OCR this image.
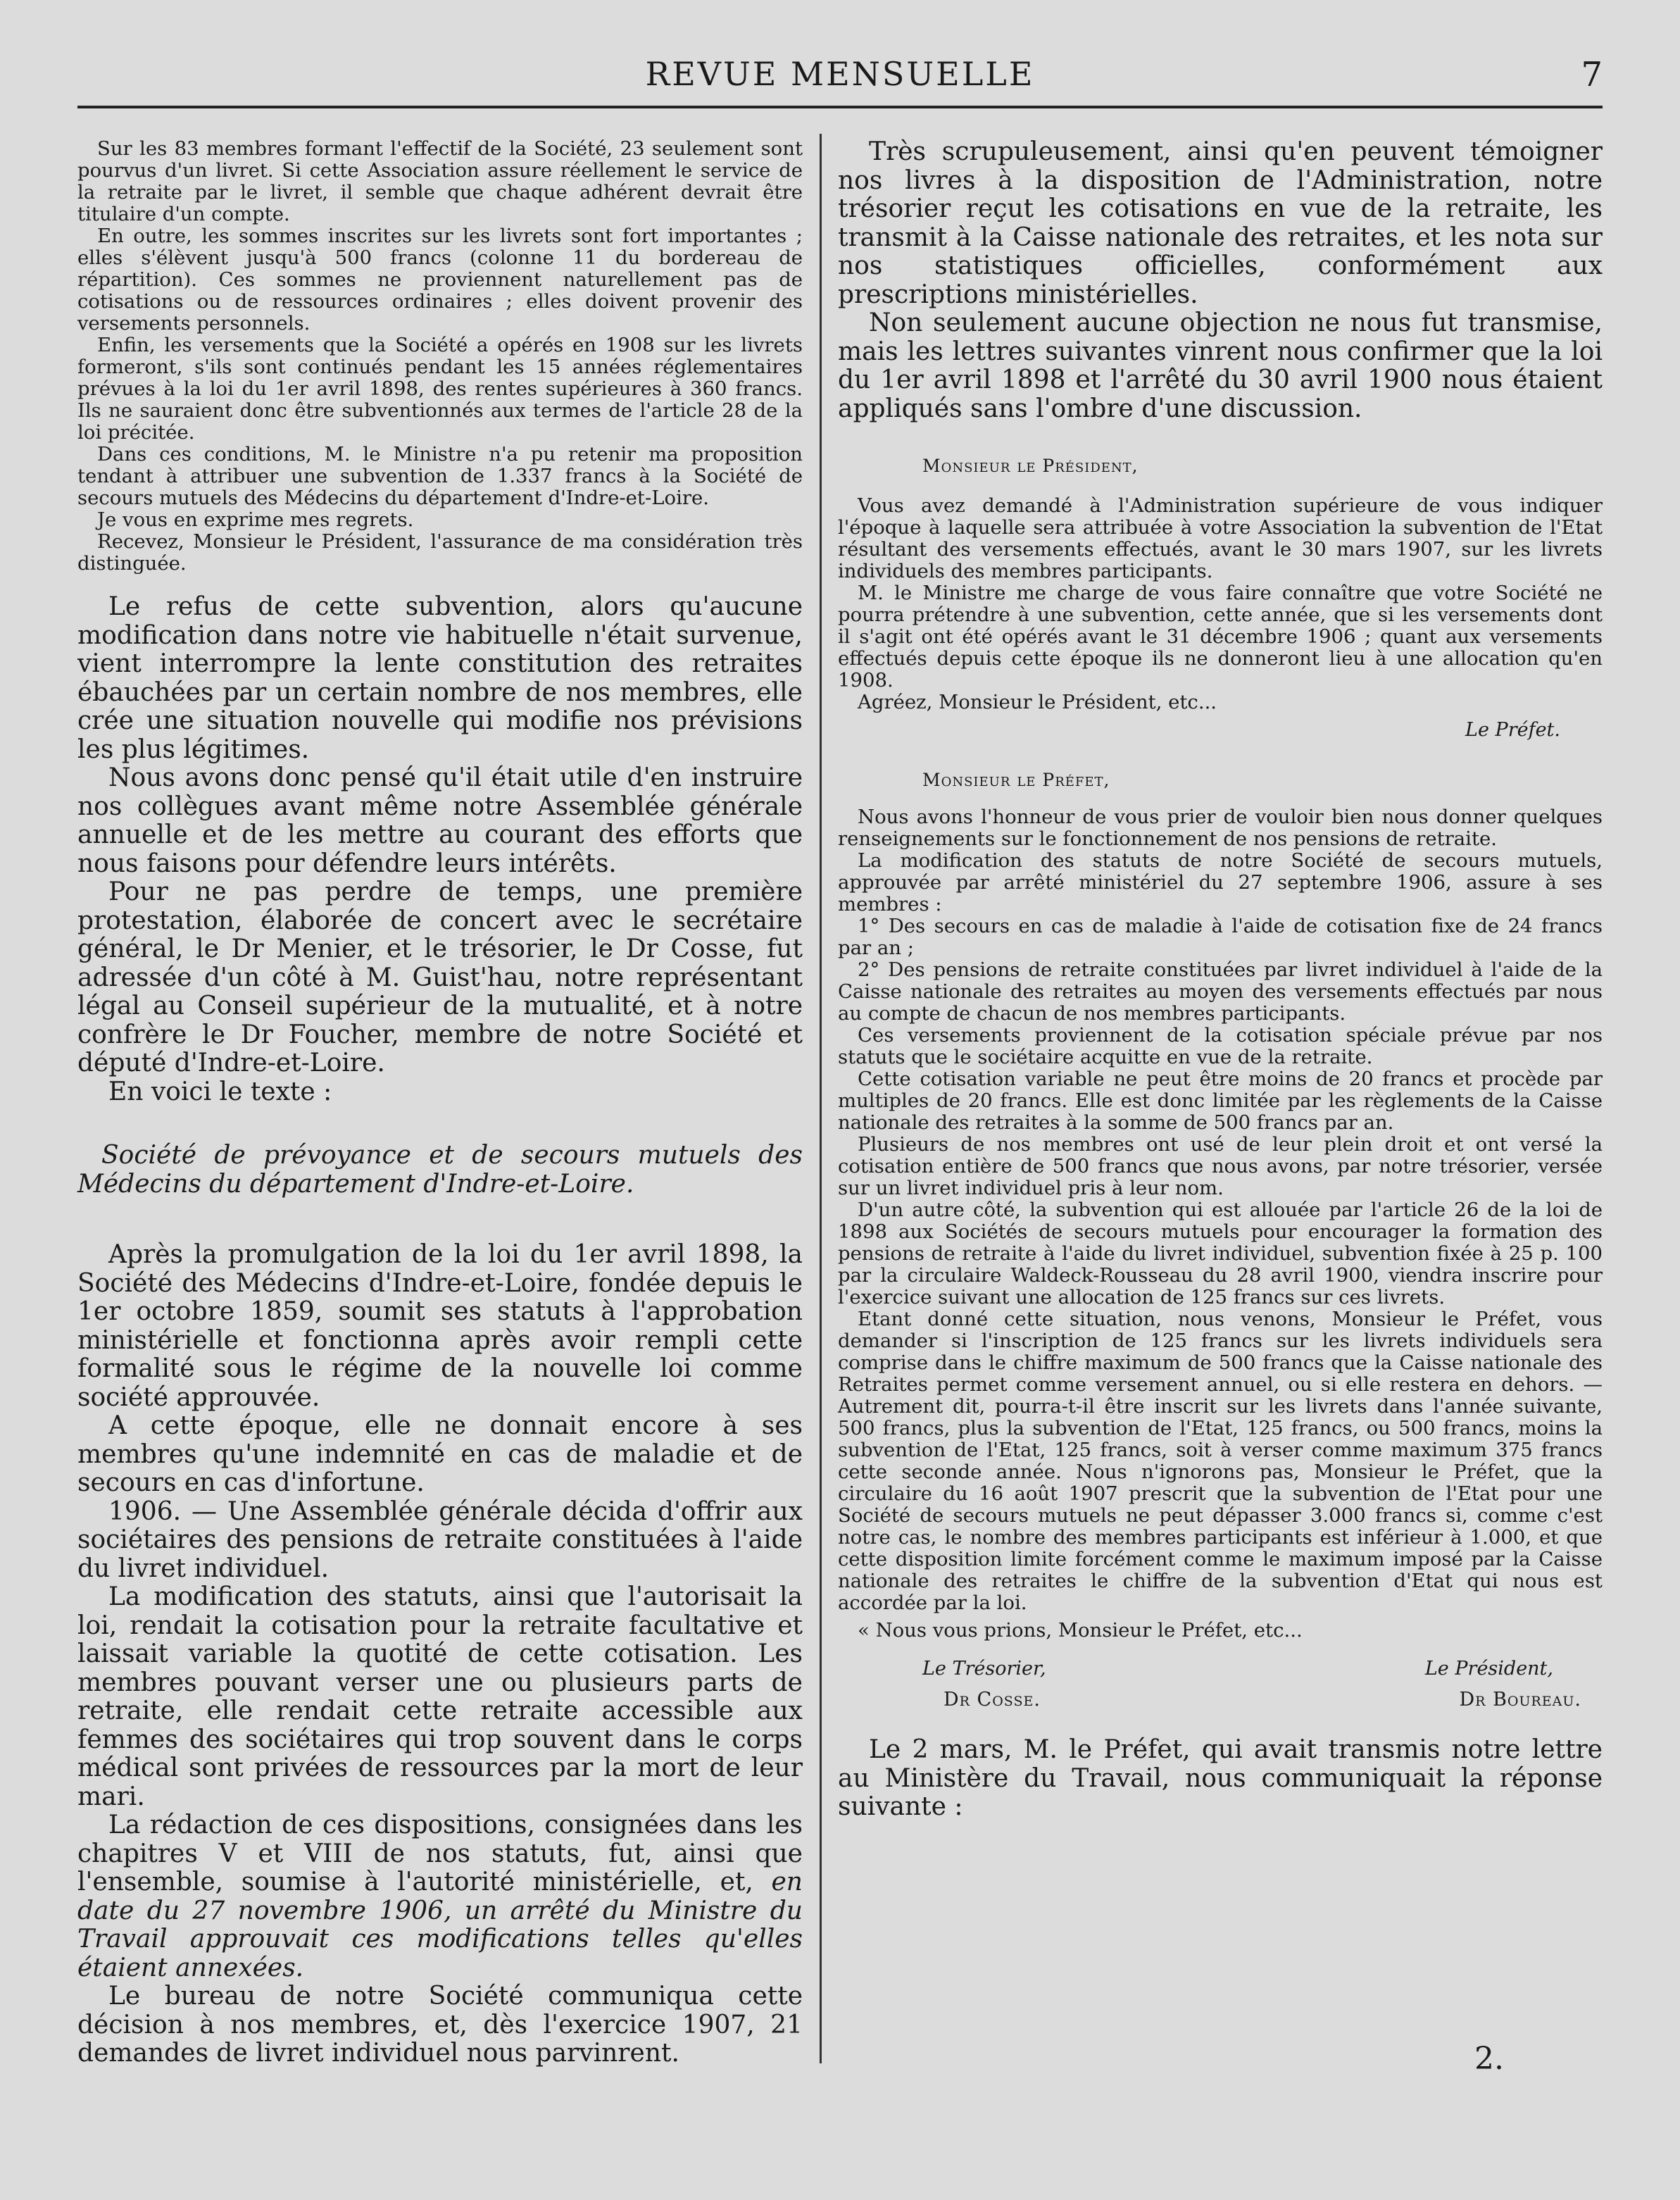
REVUE MENSUELLE	7

Sur les 83 membres formant l'effectif de la Société, 23 seulement sont pourvus d'un livret. Si cette Association assure réellement le service de la retraite par le livret, il semble que chaque adhérent devrait être titulaire d'un compte.

En outre, les sommes inscrites sur les livrets sont fort importantes ; elles s'élèvent jusqu'à 500 francs (colonne 11 du bordereau de répartition). Ces sommes ne proviennent naturellement pas de cotisations ou de ressources ordinaires ; elles doivent provenir des versements personnels.

Enfin, les versements que la Société a opérés en 1908 sur les livrets formeront, s'ils sont continués pendant les 15 années réglementaires prévues à la loi du 1er avril 1898, des rentes supérieures à 360 francs. Ils ne sauraient donc être subventionnés aux termes de l'article 28 de la loi précitée.

Dans ces conditions, M. le Ministre n'a pu retenir ma proposition tendant à attribuer une subvention de 1.337 francs à la Société de secours mutuels des Médecins du département d'Indre-et-Loire.

Je vous en exprime mes regrets.

Recevez, Monsieur le Président, l'assurance de ma considération très distinguée.

Le refus de cette subvention, alors qu'aucune modification dans notre vie habituelle n'était survenue, vient interrompre la lente constitution des retraites ébauchées par un certain nombre de nos membres, elle crée une situation nouvelle qui modifie nos prévisions les plus légitimes.

Nous avons donc pensé qu'il était utile d'en instruire nos collègues avant même notre Assemblée générale annuelle et de les mettre au courant des efforts que nous faisons pour défendre leurs intérêts.

Pour ne pas perdre de temps, une première protestation, élaborée de concert avec le secrétaire général, le Dr Menier, et le trésorier, le Dr Cosse, fut adressée d'un côté à M. Guist'hau, notre représentant légal au Conseil supérieur de la mutualité, et à notre confrère le Dr Foucher, membre de notre Société et député d'Indre-et-Loire.

En voici le texte :

Société de prévoyance et de secours mutuels des Médecins du département d'Indre-et-Loire.

Après la promulgation de la loi du 1er avril 1898, la Société des Médecins d'Indre-et-Loire, fondée depuis le 1er octobre 1859, soumit ses statuts à l'approbation ministérielle et fonctionna après avoir rempli cette formalité sous le régime de la nouvelle loi comme société approuvée.

A cette époque, elle ne donnait encore à ses membres qu'une indemnité en cas de maladie et de secours en cas d'infortune.

1906. — Une Assemblée générale décida d'offrir aux sociétaires des pensions de retraite constituées à l'aide du livret individuel.

La modification des statuts, ainsi que l'autorisait la loi, rendait la cotisation pour la retraite facultative et laissait variable la quotité de cette cotisation. Les membres pouvant verser une ou plusieurs parts de retraite, elle rendait cette retraite accessible aux femmes des sociétaires qui trop souvent dans le corps médical sont privées de ressources par la mort de leur mari.

La rédaction de ces dispositions, consignées dans les chapitres V et VIII de nos statuts, fut, ainsi que l'ensemble, soumise à l'autorité ministérielle, et, en date du 27 novembre 1906, un arrêté du Ministre du Travail approuvait ces modifications telles qu'elles étaient annexées.

Le bureau de notre Société communiqua cette décision à nos membres, et, dès l'exercice 1907, 21 demandes de livret individuel nous parvinrent.

Très scrupuleusement, ainsi qu'en peuvent témoigner nos livres à la disposition de l'Administration, notre trésorier reçut les cotisations en vue de la retraite, les transmit à la Caisse nationale des retraites, et les nota sur nos statistiques officielles, conformément aux prescriptions ministérielles.

Non seulement aucune objection ne nous fut transmise, mais les lettres suivantes vinrent nous confirmer que la loi du 1er avril 1898 et l'arrêté du 30 avril 1900 nous étaient appliqués sans l'ombre d'une discussion.

Monsieur le Président,

Vous avez demandé à l'Administration supérieure de vous indiquer l'époque à laquelle sera attribuée à votre Association la subvention de l'Etat résultant des versements effectués, avant le 30 mars 1907, sur les livrets individuels des membres participants.

M. le Ministre me charge de vous faire connaître que votre Société ne pourra prétendre à une subvention, cette année, que si les versements dont il s'agit ont été opérés avant le 31 décembre 1906 ; quant aux versements effectués depuis cette époque ils ne donneront lieu à une allocation qu'en 1908.

Agréez, Monsieur le Président, etc...

Le Préfet.

Monsieur le Préfet,

Nous avons l'honneur de vous prier de vouloir bien nous donner quelques renseignements sur le fonctionnement de nos pensions de retraite.

La modification des statuts de notre Société de secours mutuels, approuvée par arrêté ministériel du 27 septembre 1906, assure à ses membres :

1° Des secours en cas de maladie à l'aide de cotisation fixe de 24 francs par an ;

2° Des pensions de retraite constituées par livret individuel à l'aide de la Caisse nationale des retraites au moyen des versements effectués par nous au compte de chacun de nos membres participants.

Ces versements proviennent de la cotisation spéciale prévue par nos statuts que le sociétaire acquitte en vue de la retraite.

Cette cotisation variable ne peut être moins de 20 francs et procède par multiples de 20 francs. Elle est donc limitée par les règlements de la Caisse nationale des retraites à la somme de 500 francs par an.

Plusieurs de nos membres ont usé de leur plein droit et ont versé la cotisation entière de 500 francs que nous avons, par notre trésorier, versée sur un livret individuel pris à leur nom.

D'un autre côté, la subvention qui est allouée par l'article 26 de la loi de 1898 aux Sociétés de secours mutuels pour encourager la formation des pensions de retraite à l'aide du livret individuel, subvention fixée à 25 p. 100 par la circulaire Waldeck-Rousseau du 28 avril 1900, viendra inscrire pour l'exercice suivant une allocation de 125 francs sur ces livrets.

Etant donné cette situation, nous venons, Monsieur le Préfet, vous demander si l'inscription de 125 francs sur les livrets individuels sera comprise dans le chiffre maximum de 500 francs que la Caisse nationale des Retraites permet comme versement annuel, ou si elle restera en dehors. — Autrement dit, pourra-t-il être inscrit sur les livrets dans l'année suivante, 500 francs, plus la subvention de l'Etat, 125 francs, ou 500 francs, moins la subvention de l'Etat, 125 francs, soit à verser comme maximum 375 francs cette seconde année. Nous n'ignorons pas, Monsieur le Préfet, que la circulaire du 16 août 1907 prescrit que la subvention de l'Etat pour une Société de secours mutuels ne peut dépasser 3.000 francs si, comme c'est notre cas, le nombre des membres participants est inférieur à 1.000, et que cette disposition limite forcément comme le maximum imposé par la Caisse nationale des retraites le chiffre de la subvention d'Etat qui nous est accordée par la loi.

« Nous vous prions, Monsieur le Préfet, etc...

Le Trésorier,	Le Président,
Dr Cosse.	Dr Boureau.

Le 2 mars, M. le Préfet, qui avait transmis notre lettre au Ministère du Travail, nous communiquait la réponse suivante :

2.
